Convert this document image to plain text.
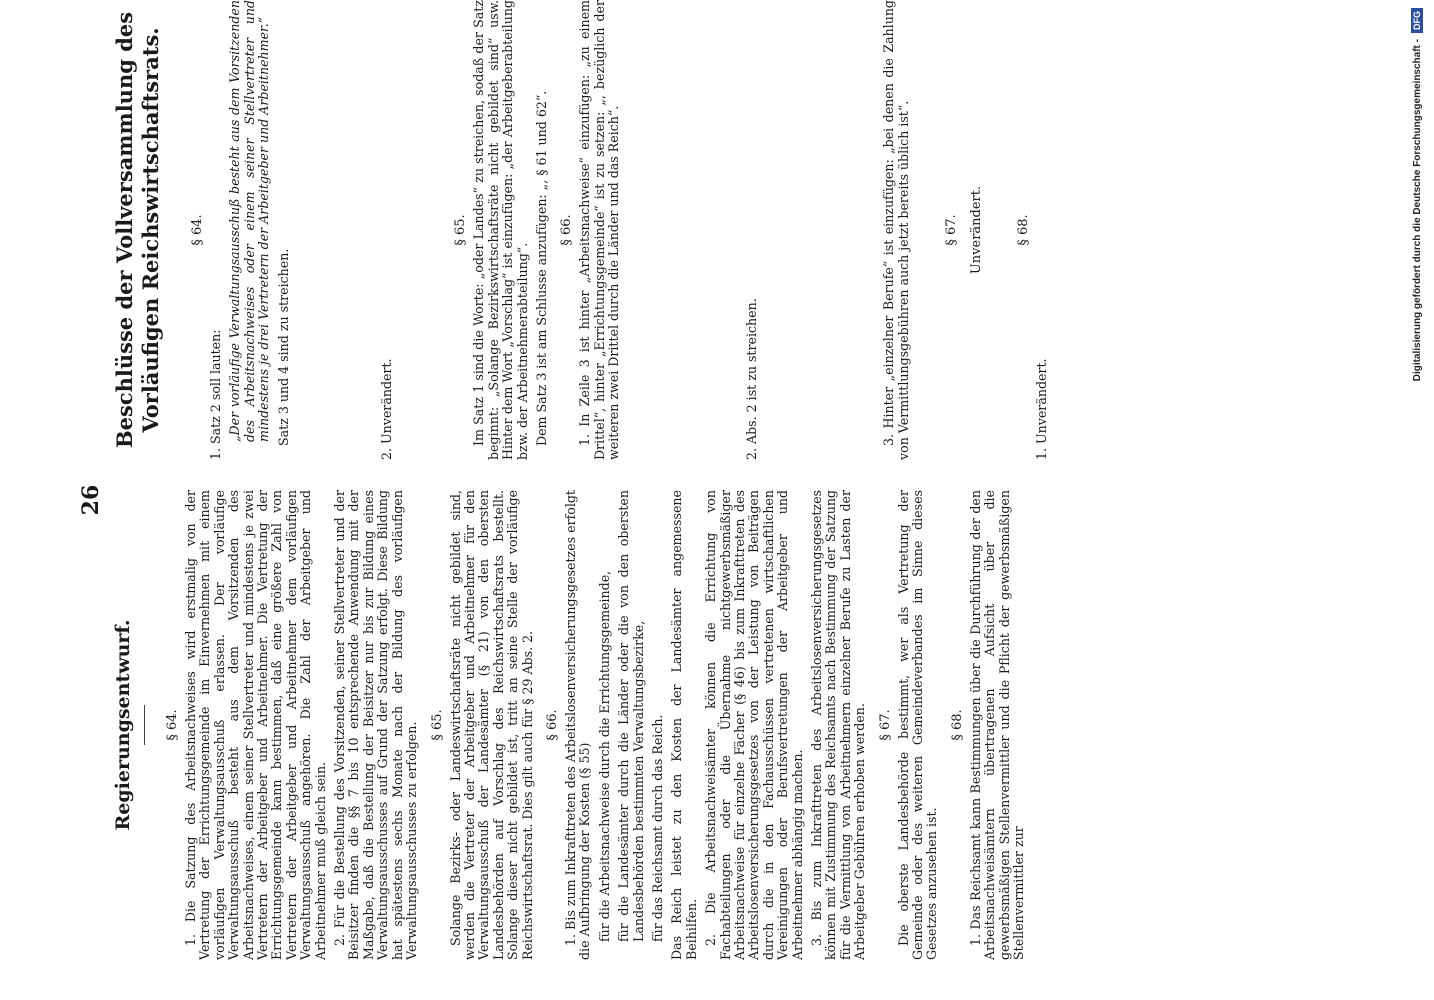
26
Regierungsentwurf. § 64. 1. Die Satzung des Arbeitsnachweises wird erstmalig von der Vertretung der Errichtungsgemeinde im Einvernehmen mit einem vorläufigen Verwaltungsausschuß erlassen. Der vorläufige Verwaltungsausschuß besteht aus dem Vorsitzenden des Arbeitsnachweises, einem seiner Stellvertreter und mindestens je zwei Vertretern der Arbeitgeber und Arbeitnehmer. Die Vertretung der Errichtungsgemeinde kann bestimmen, daß eine größere Zahl von Vertretern der Arbeitgeber und Arbeitnehmer dem vorläufigen Verwaltungsausschuß angehören. Die Zahl der Arbeitgeber und Arbeitnehmer muß gleich sein. 2. Für die Bestellung des Vorsitzenden, seiner Stellvertreter und der Beisitzer finden die §§ 7 bis 10 entsprechende Anwendung mit der Maßgabe, daß die Bestellung der Beisitzer nur bis zur Bildung eines Verwaltungsausschusses auf Grund der Satzung erfolgt. Diese Bildung hat spätestens sechs Monate nach der Bildung des vorläufigen Verwaltungsausschusses zu erfolgen. § 65. Solange Bezirks- oder Landeswirtschaftsräte nicht gebildet sind, werden die Vertreter der Arbeitgeber und Arbeitnehmer für den Verwaltungsausschuß der Landesämter (§ 21) von den obersten Landesbehörden auf Vorschlag des Reichswirtschaftsrats bestellt. Solange dieser nicht gebildet ist, tritt an seine Stelle der vorläufige Reichswirtschaftsrat. Dies gilt auch für § 29 Abs. 2. § 66. 1. Bis zum Inkrafttreten des Arbeitslosenversicherungsgesetzes erfolgt die Aufbringung der Kosten (§ 55) für die Arbeitsnachweise durch die Errichtungsgemeinde, für die Landesämter durch die Länder oder die von den obersten Landesbehörden bestimmten Verwaltungsbezirke, für das Reichsamt durch das Reich. Das Reich leistet zu den Kosten der Landesämter angemessene Beihilfen. 2. Die Arbeitsnachweisämter können die Errichtung von Fachabteilungen oder die Übernahme nichtgewerbsmäßiger Arbeitsnachweise für einzelne Fächer (§ 46) bis zum Inkrafttreten des Arbeitslosenversicherungsgesetzes von der Leistung von Beiträgen durch die in den Fachausschüssen vertretenen wirtschaftlichen Vereinigungen oder Berufsvertretungen der Arbeitgeber und Arbeitnehmer abhängig machen. 3. Bis zum Inkrafttreten des Arbeitslosenversicherungsgesetzes können mit Zustimmung des Reichsamts nach Bestimmung der Satzung für die Vermittlung von Arbeitnehmern einzelner Berufe zu Lasten der Arbeitgeber Gebühren erhoben werden. § 67. Die oberste Landesbehörde bestimmt, wer als Vertretung der Gemeinde oder des weiteren Gemeindeverbandes im Sinne dieses Gesetzes anzusehen ist.
§ 68. 1. Das Reichsamt kann Bestimmungen über die Durchführung der den Arbeitsnachweisämtern übertragenen Aufsicht über die gewerbsmäßigen Stellenvermittler und die Pflicht der gewerbsmäßigen Stellenvermittler zur
Beschlüsse der Vollversammlung des Vorläufigen Reichswirtschaftsrats. § 64.
1. Satz 2 soll lauten: „Der vorläufige Verwaltungsausschuß besteht aus dem Vorsitzenden des Arbeitsnachweises oder einem seiner Stellvertreter und mindestens je drei Vertretern der Arbeitgeber und Arbeitnehmer.“ Satz 3 und 4 sind zu streichen.	2. Unverändert.
§ 65. Im Satz 1 sind die Worte: „oder Landes“ zu streichen, sodaß der Satz beginnt: „Solange Bezirkswirtschaftsräte nicht gebildet sind“ usw. Hinter dem Wort „Vorschlag“ ist einzufügen: „der Arbeitgeberabteilung bzw. der Arbeitnehmerabteilung“. Dem Satz 3 ist am Schlusse anzufügen: „, § 61 und 62“. § 66. 1. In Zeile 3 ist hinter „Arbeitsnachweise“ einzufügen: „zu einem Drittel“, hinter „Errichtungsgemeinde“ ist zu setzen: „, bezüglich der weiteren zwei Drittel durch die Länder und das Reich“.	2. Abs. 2 ist zu streichen.	3. Hinter „einzelner Berufe“ ist einzufügen: „bei denen die Zahlung von Vermittlungsgebühren auch jetzt bereits üblich ist“.	§ 67. Unverändert. § 68.
1. Unverändert.
Digitalisierung gefördert durch die Deutsche Forschungsgemeinschaft -
DFG
